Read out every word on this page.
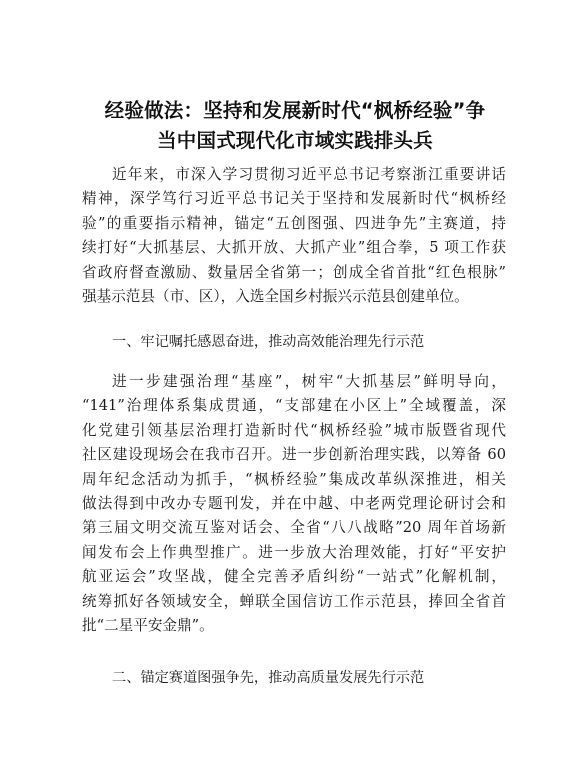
经验做法：坚持和发展新时代“枫桥经验”争
当中国式现代化市域实践排头兵
近年来，市深入学习贯彻习近平总书记考察浙江重要讲话
精神，深学笃行习近平总书记关于坚持和发展新时代“枫桥经
验”的重要指示精神，锚定“五创图强、四进争先”主赛道，持
续打好“大抓基层、大抓开放、大抓产业”组合拳，5 项工作获
省政府督查激励、数量居全省第一；创成全省首批“红色根脉”
强基示范县（市、区），入选全国乡村振兴示范县创建单位。
一、牢记嘱托感恩奋进，推动高效能治理先行示范
进一步建强治理“基座”，树牢“大抓基层”鲜明导向，
“141”治理体系集成贯通，“支部建在小区上”全域覆盖，深
化党建引领基层治理打造新时代“枫桥经验”城市版暨省现代
社区建设现场会在我市召开。进一步创新治理实践，以筹备 60
周年纪念活动为抓手，“枫桥经验”集成改革纵深推进，相关
做法得到中改办专题刊发，并在中越、中老两党理论研讨会和
第三届文明交流互鉴对话会、全省“八八战略”20 周年首场新
闻发布会上作典型推广。进一步放大治理效能，打好“平安护
航亚运会”攻坚战，健全完善矛盾纠纷“一站式”化解机制，
统筹抓好各领域安全，蝉联全国信访工作示范县，捧回全省首
批“二星平安金鼎”。
二、锚定赛道图强争先，推动高质量发展先行示范
